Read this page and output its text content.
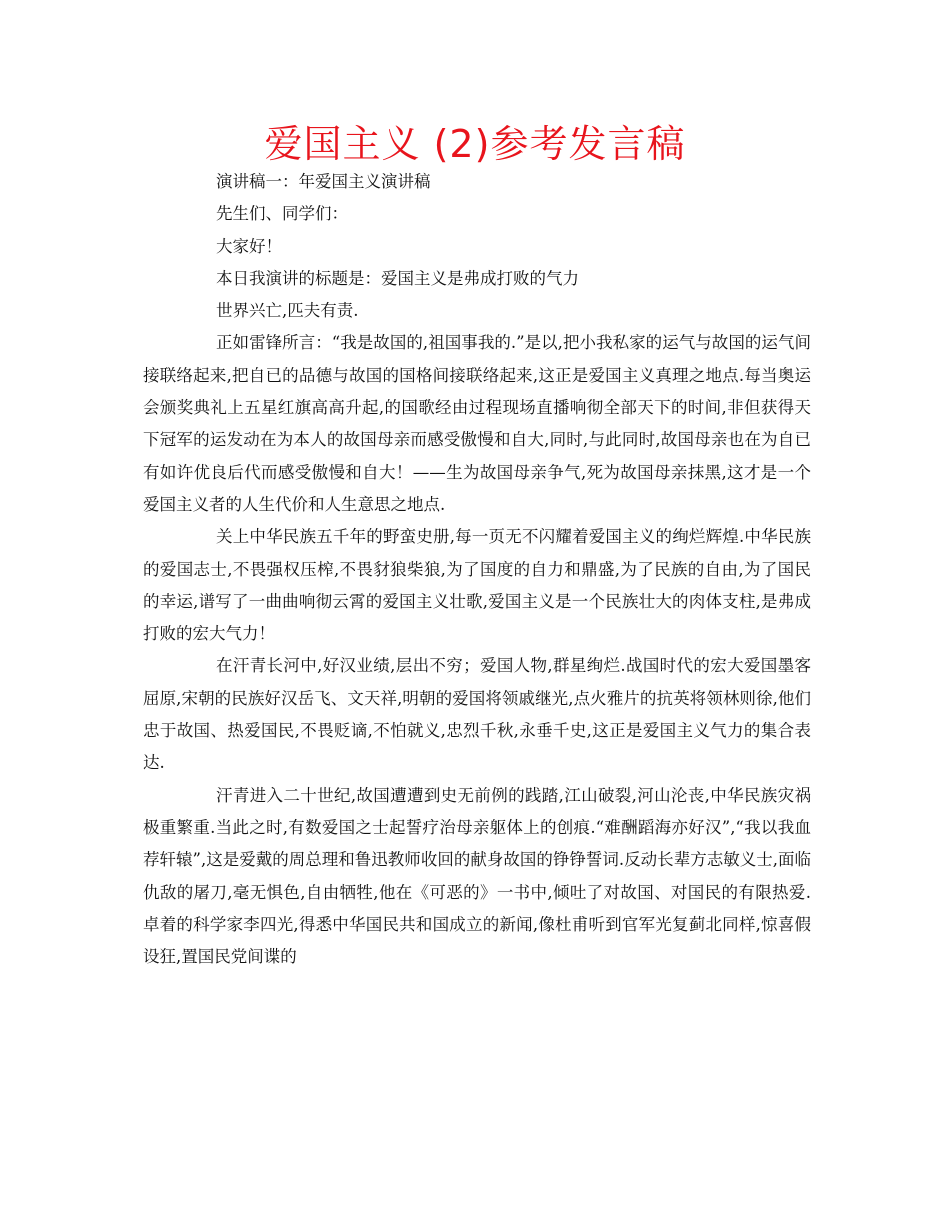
爱国主义 (2)参考发言稿

演讲稿一：年爱国主义演讲稿

先生们、同学们：

大家好！

本日我演讲的标题是：爱国主义是弗成打败的气力

世界兴亡,匹夫有责.

正如雷锋所言：“我是故国的,祖国事我的.”是以,把小我私家的运气与故国的运气间接联络起来,把自已的品德与故国的国格间接联络起来,这正是爱国主义真理之地点.每当奥运会颁奖典礼上五星红旗高高升起,的国歌经由过程现场直播响彻全部天下的时间,非但获得天下冠军的运发动在为本人的故国母亲而感受傲慢和自大,同时,与此同时,故国母亲也在为自已有如许优良后代而感受傲慢和自大！——生为故国母亲争气,死为故国母亲抹黑,这才是一个爱国主义者的人生代价和人生意思之地点.

关上中华民族五千年的野蛮史册,每一页无不闪耀着爱国主义的绚烂辉煌.中华民族的爱国志士,不畏强权压榨,不畏豺狼柴狼,为了国度的自力和鼎盛,为了民族的自由,为了国民的幸运,谱写了一曲曲响彻云霄的爱国主义壮歌,爱国主义是一个民族壮大的肉体支柱,是弗成打败的宏大气力！

在汗青长河中,好汉业绩,层出不穷；爱国人物,群星绚烂.战国时代的宏大爱国墨客屈原,宋朝的民族好汉岳飞、文天祥,明朝的爱国将领戚继光,点火雅片的抗英将领林则徐,他们忠于故国、热爱国民,不畏贬谪,不怕就义,忠烈千秋,永垂千史,这正是爱国主义气力的集合表达.

汗青进入二十世纪,故国遭遭到史无前例的践踏,江山破裂,河山沦丧,中华民族灾祸极重繁重.当此之时,有数爱国之士起誓疗治母亲躯体上的创痕.“难酬蹈海亦好汉”,“我以我血荐轩辕”,这是爱戴的周总理和鲁迅教师收回的献身故国的铮铮誓词.反动长辈方志敏义士,面临仇敌的屠刀,毫无惧色,自由牺牲,他在《可恶的》一书中,倾吐了对故国、对国民的有限热爱.卓着的科学家李四光,得悉中华国民共和国成立的新闻,像杜甫听到官军光复蓟北同样,惊喜假设狂,置国民党间谍的
